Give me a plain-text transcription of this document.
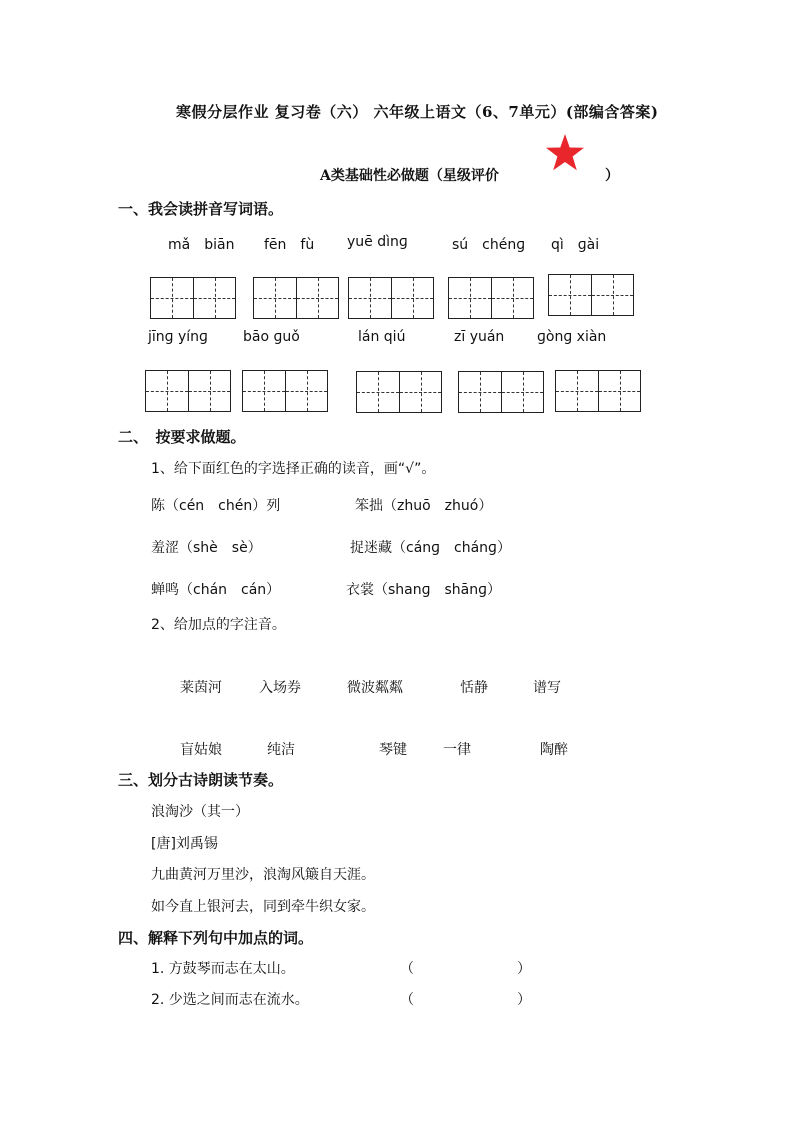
寒假分层作业 复习卷（六） 六年级上语文（6、7单元）(部编含答案)
A类基础性必做题（星级评价	）
一、我会读拼音写词语。
mǎ　biān fēn　fù yuē dìnɡ	sú　chénɡ qì　ɡài
jīnɡ yínɡ	bāo ɡuǒ	lán qiú	zī yuán ɡònɡ xiàn
二、　按要求做题。
1、给下面红色的字选择正确的读音，画“√”。
陈（cén　chén）列	笨拙（zhuō　zhuó）
羞涩（shè　sè）	捉迷藏（cánɡ　chánɡ）
蝉鸣（chán　cán）	衣裳（shanɡ　shānɡ）
2、给加点的字注音。
莱茵河	入场券	微波粼粼	恬静	谱写
盲姑娘	纯洁	琴键	一律	陶醉
三、划分古诗朗读节奏。
浪淘沙（其一）
[唐]刘禹锡
九曲黄河万里沙，浪淘风簸自天涯。
如今直上银河去，同到牵牛织女家。
四、解释下列句中加点的词。
1. 方鼓琴而志在太山。	（	）
2. 少选之间而志在流水。	（	）
